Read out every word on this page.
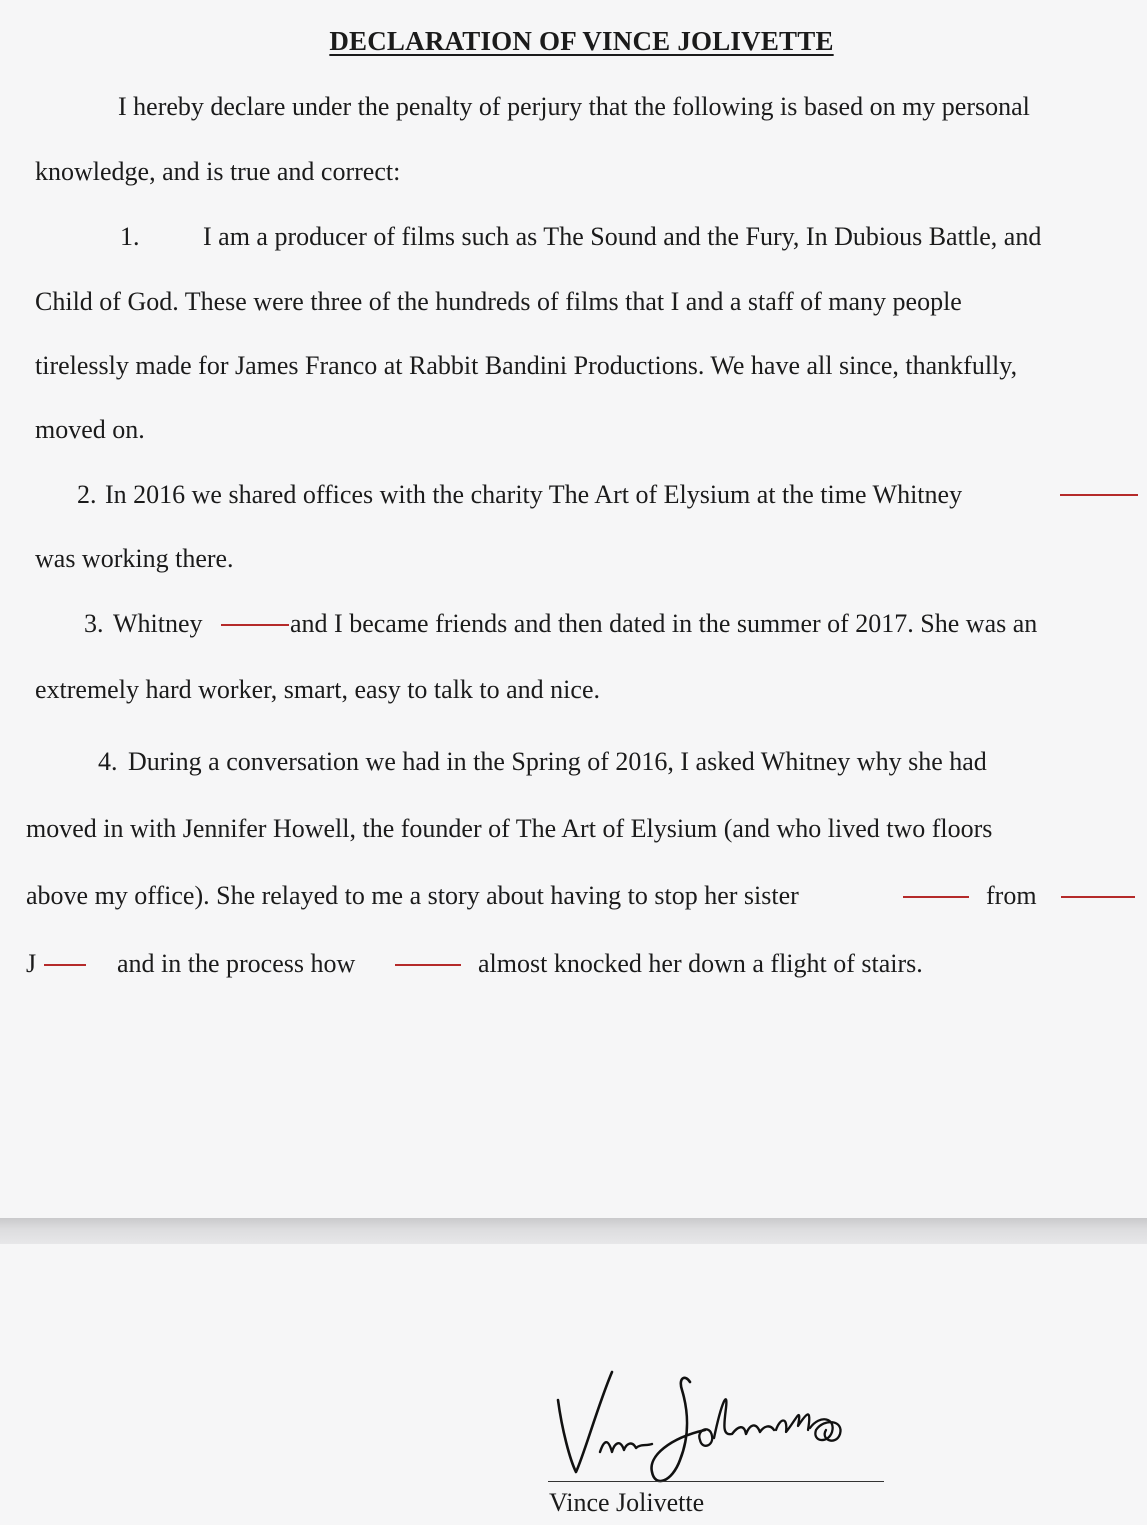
DECLARATION OF VINCE JOLIVETTE
I hereby declare under the penalty of perjury that the following is based on my personal
knowledge, and is true and correct:
1. I am a producer of films such as The Sound and the Fury, In Dubious Battle, and
Child of God. These were three of the hundreds of films that I and a staff of many people
tirelessly made for James Franco at Rabbit Bandini Productions. We have all since, thankfully,
moved on.
2. In 2016 we shared offices with the charity The Art of Elysium at the time Whitney
was working there.
3. Whitney	and I became friends and then dated in the summer of 2017. She was an
extremely hard worker, smart, easy to talk to and nice.
4. During a conversation we had in the Spring of 2016, I asked Whitney why she had
moved in with Jennifer Howell, the founder of The Art of Elysium (and who lived two floors
above my office). She relayed to me a story about having to stop her sister	from
J	and in the process how	almost knocked her down a flight of stairs.
Vince Jolivette
